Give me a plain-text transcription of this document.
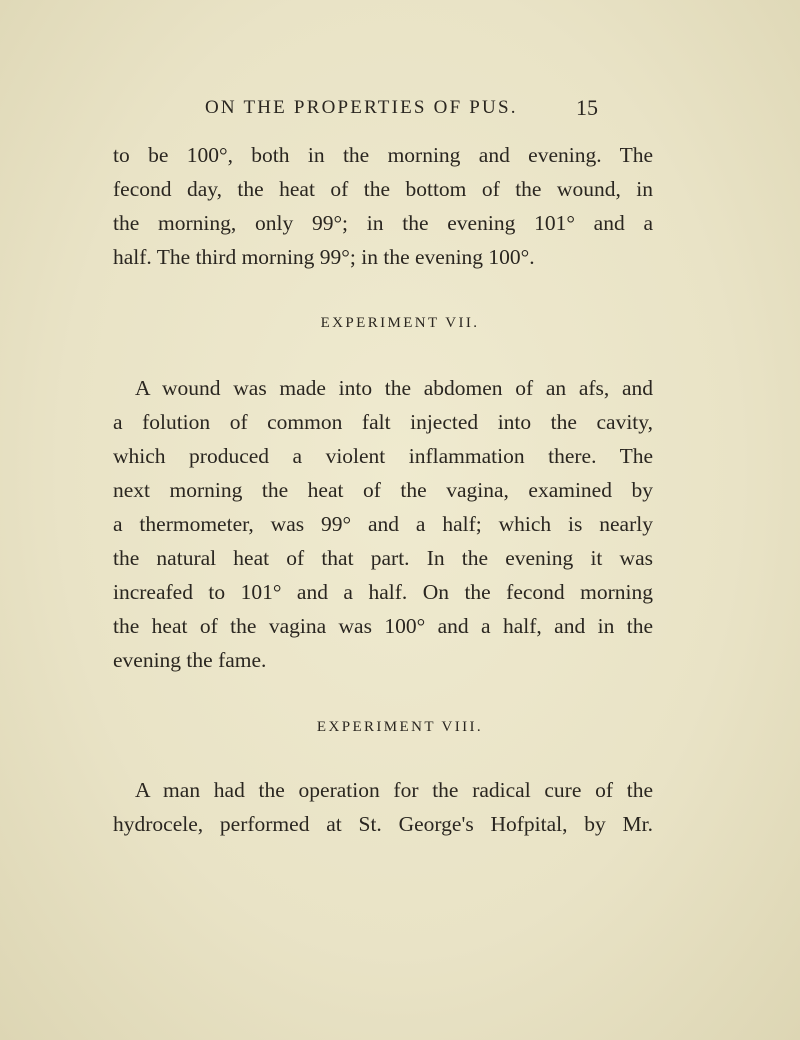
ON THE PROPERTIES OF PUS.	15
to be 100°, both in the morning and evening. The
fecond day, the heat of the bottom of the wound, in
the morning, only 99°; in the evening 101° and a
half. The third morning 99°; in the evening 100°.
EXPERIMENT VII.
A wound was made into the abdomen of an afs, and
a folution of common falt injected into the cavity,
which produced a violent inflammation there. The
next morning the heat of the vagina, examined by
a thermometer, was 99° and a half; which is nearly
the natural heat of that part. In the evening it was
increafed to 101° and a half. On the fecond morning
the heat of the vagina was 100° and a half, and in the
evening the fame.
EXPERIMENT VIII.
A man had the operation for the radical cure of the
hydrocele, performed at St. George's Hofpital, by Mr.
